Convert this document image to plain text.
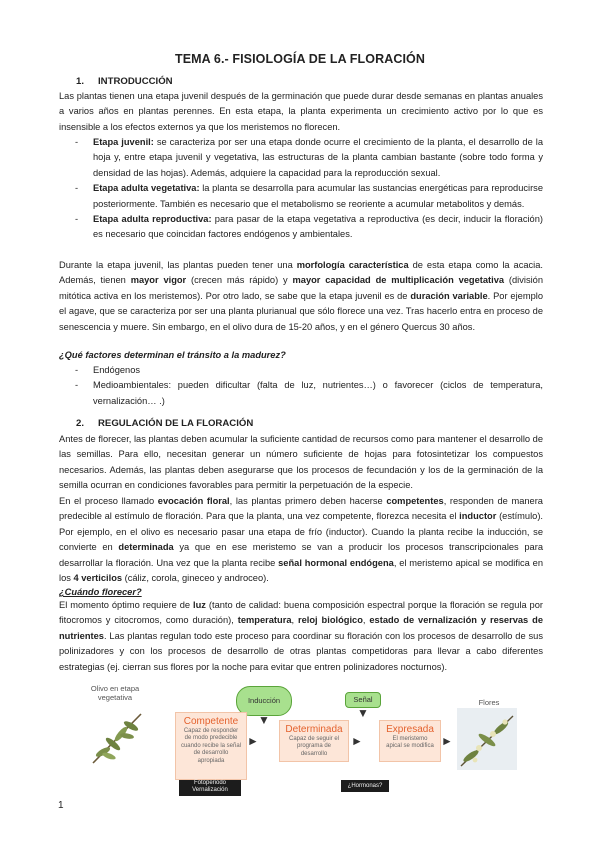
TEMA 6.- FISIOLOGÍA DE LA FLORACIÓN
1. INTRODUCCIÓN

Las plantas tienen una etapa juvenil después de la germinación que puede durar desde semanas en plantas anuales a varios años en plantas perennes. En esta etapa, la planta experimenta un crecimiento activo por lo que es insensible a los efectos externos ya que los meristemos no florecen.

- Etapa juvenil: se caracteriza por ser una etapa donde ocurre el crecimiento de la planta, el desarrollo de la hoja y, entre etapa juvenil y vegetativa, las estructuras de la planta cambian bastante (sobre todo forma y densidad de las hojas). Además, adquiere la capacidad para la reproducción sexual.
- Etapa adulta vegetativa: la planta se desarrolla para acumular las sustancias energéticas para reproducirse posteriormente. También es necesario que el metabolismo se reoriente a acumular metabolitos y demás.
- Etapa adulta reproductiva: para pasar de la etapa vegetativa a reproductiva (es decir, inducir la floración) es necesario que coincidan factores endógenos y ambientales.

Durante la etapa juvenil, las plantas pueden tener una morfología característica de esta etapa como la acacia. Además, tienen mayor vigor (crecen más rápido) y mayor capacidad de multiplicación vegetativa (división mitótica activa en los meristemos). Por otro lado, se sabe que la etapa juvenil es de duración variable. Por ejemplo el agave, que se caracteriza por ser una planta plurianual que sólo florece una vez. Tras hacerlo entra en proceso de senescencia y muere. Sin embargo, en el olivo dura de 15-20 años, y en el género Quercus 30 años.

¿Qué factores determinan el tránsito a la madurez?
- Endógenos
- Medioambientales: pueden dificultar (falta de luz, nutrientes…) o favorecer (ciclos de temperatura, vernalización… .)
2. REGULACIÓN DE LA FLORACIÓN

Antes de florecer, las plantas deben acumular la suficiente cantidad de recursos como para mantener el desarrollo de las semillas. Para ello, necesitan generar un número suficiente de hojas para fotosintetizar los compuestos necesarios. Además, las plantas deben asegurarse que los procesos de fecundación y los de la germinación de la semilla ocurran en condiciones favorables para permitir la perpetuación de la especie.

En el proceso llamado evocación floral, las plantas primero deben hacerse competentes, responden de manera predecible al estímulo de floración. Para que la planta, una vez competente, florezca necesita el inductor (estímulo). Por ejemplo, en el olivo es necesario pasar una etapa de frío (inductor). Cuando la planta recibe la inducción, se convierte en determinada ya que en ese meristemo se van a producir los procesos transcripcionales para desarrollar la floración. Una vez que la planta recibe señal hormonal endógena, el meristemo apical se modifica en los 4 verticilos (cáliz, corola, gineceo y androceo).

¿Cuándo florecer?

El momento óptimo requiere de luz (tanto de calidad: buena composición espectral porque la floración se regula por fitocromos y citocromos, como duración), temperatura, reloj biológico, estado de vernalización y reservas de nutrientes. Las plantas regulan todo este proceso para coordinar su floración con los procesos de desarrollo de sus polinizadores y con los procesos de desarrollo de otras plantas competidoras para llevar a cabo diferentes estrategias (ej. cierran sus flores por la noche para evitar que entren polinizadores nocturnos).

Olivo en etapa vegetativa	Inducción	Señal
▼	▼
Competente
Capaz de responder de modo predecible cuando recibe la señal de desarrollo apropiada
►
Determinada
Capaz de seguir el programa de desarrollo
►
Expresada
El meristemo apical se modifica ►
Flores
Fotoperiodo
Vernalización
¿Hormonas?
1
